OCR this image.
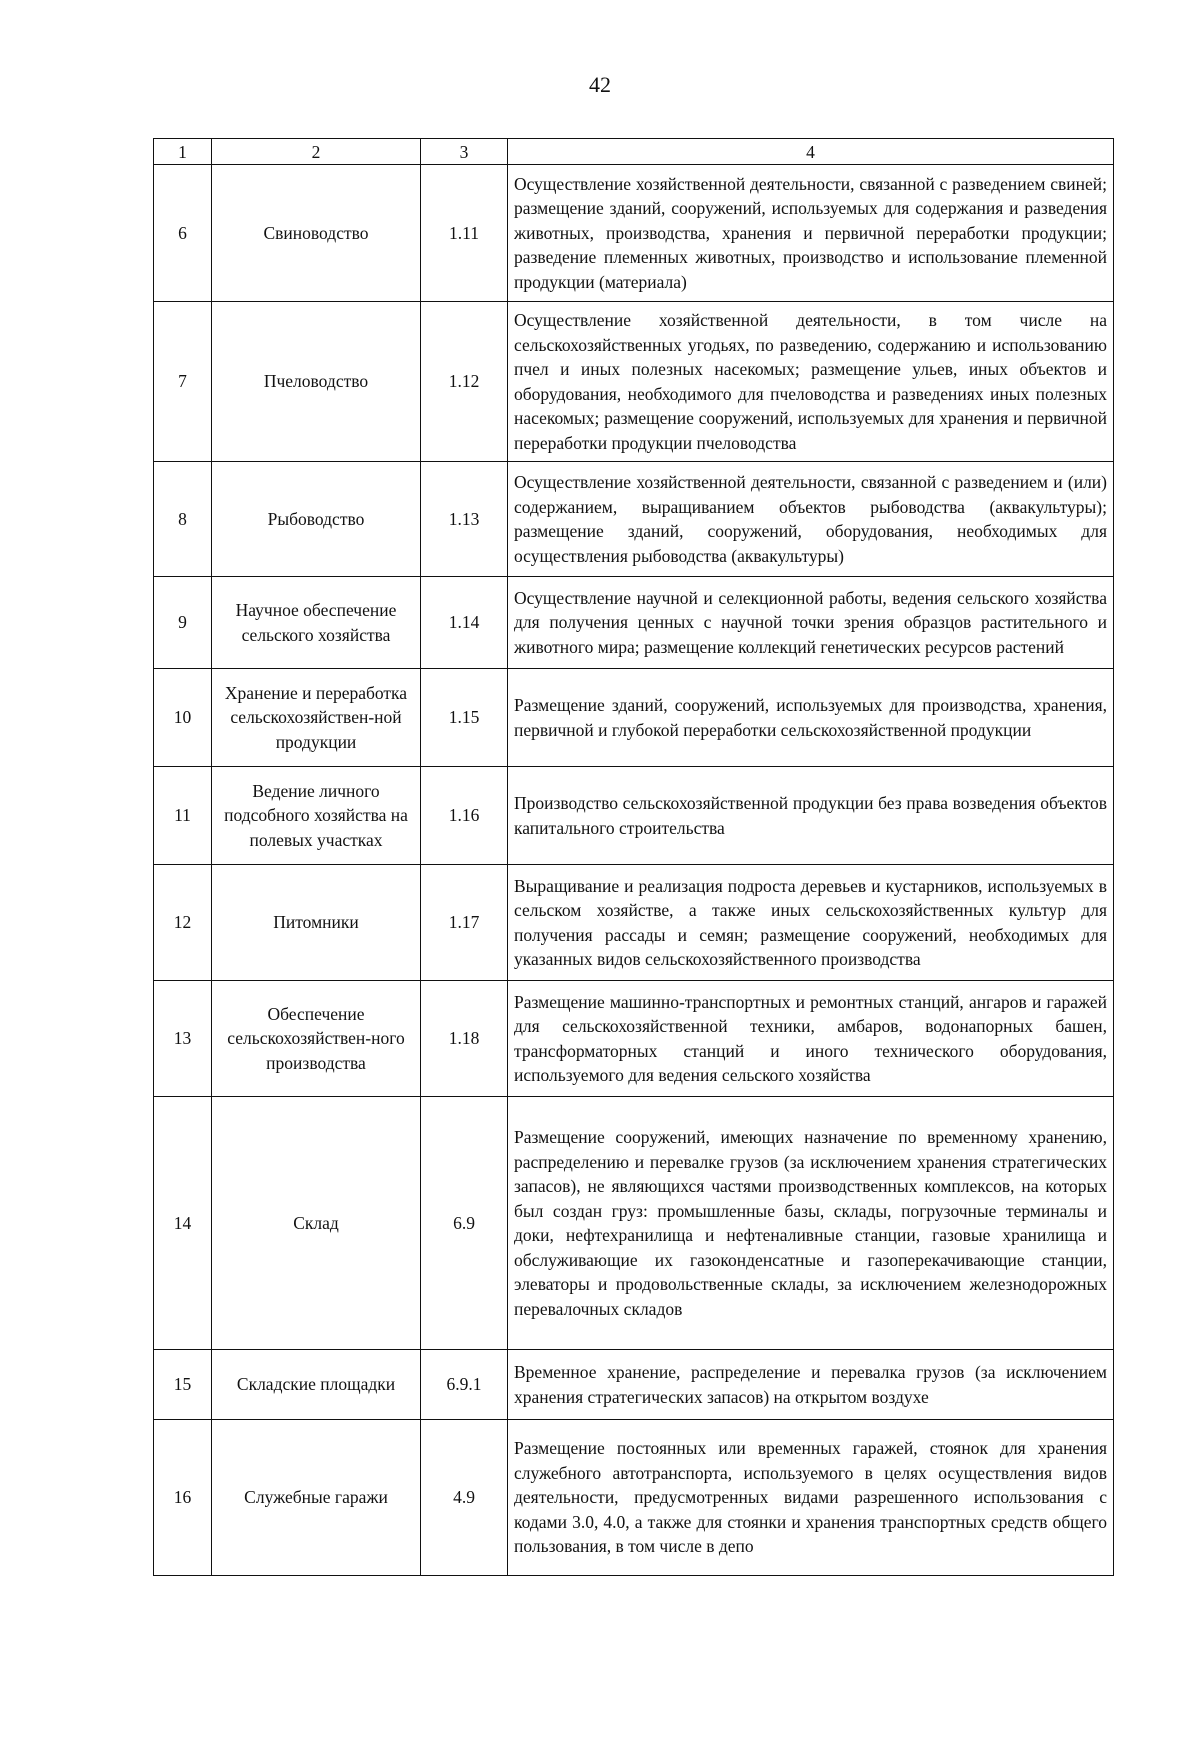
42
1	2	3	4
6	Свиноводство	1.11	Осуществление хозяйственной деятельности, связанной с разведением свиней; размещение зданий, сооружений, используемых для содержания и разведения животных, производства, хранения и первичной переработки продукции; разведение племенных животных, производство и использование племенной продукции (материала)
7	Пчеловодство	1.12	Осуществление хозяйственной деятельности, в том числе на сельскохозяйственных угодьях, по разведению, содержанию и использованию пчел и иных полезных насекомых; размещение ульев, иных объектов и оборудования, необходимого для пчеловодства и разведениях иных полезных насекомых; размещение сооружений, используемых для хранения и первичной переработки продукции пчеловодства
8	Рыбоводство	1.13	Осуществление хозяйственной деятельности, связанной с разведением и (или) содержанием, выращиванием объектов рыбоводства (аквакультуры); размещение зданий, сооружений, оборудования, необходимых для осуществления рыбоводства (аквакультуры)
9	Научное обеспечение сельского хозяйства	1.14	Осуществление научной и селекционной работы, ведения сельского хозяйства для получения ценных с научной точки зрения образцов растительного и животного мира; размещение коллекций генетических ресурсов растений
10	Хранение и переработка сельскохозяйствен-ной продукции	1.15	Размещение зданий, сооружений, используемых для производства, хранения, первичной и глубокой переработки сельскохозяйственной продукции
11	Ведение личного подсобного хозяйства на полевых участках	1.16	Производство сельскохозяйственной продукции без права возведения объектов капитального строительства
12	Питомники	1.17	Выращивание и реализация подроста деревьев и кустарников, используемых в сельском хозяйстве, а также иных сельскохозяйственных культур для получения рассады и семян; размещение сооружений, необходимых для указанных видов сельскохозяйственного производства
13	Обеспечение сельскохозяйствен-ного производства	1.18	Размещение машинно-транспортных и ремонтных станций, ангаров и гаражей для сельскохозяйственной техники, амбаров, водонапорных башен, трансформаторных станций и иного технического оборудования, используемого для ведения сельского хозяйства
14	Склад	6.9	Размещение сооружений, имеющих назначение по временному хранению, распределению и перевалке грузов (за исключением хранения стратегических запасов), не являющихся частями производственных комплексов, на которых был создан груз: промышленные базы, склады, погрузочные терминалы и доки, нефтехранилища и нефтеналивные станции, газовые хранилища и обслуживающие их газоконденсатные и газоперекачивающие станции, элеваторы и продовольственные склады, за исключением железнодорожных перевалочных складов
15	Складские площадки	6.9.1	Временное хранение, распределение и перевалка грузов (за исключением хранения стратегических запасов) на открытом воздухе
16	Служебные гаражи	4.9	Размещение постоянных или временных гаражей, стоянок для хранения служебного автотранспорта, используемого в целях осуществления видов деятельности, предусмотренных видами разрешенного использования с кодами 3.0, 4.0, а также для стоянки и хранения транспортных средств общего пользования, в том числе в депо
